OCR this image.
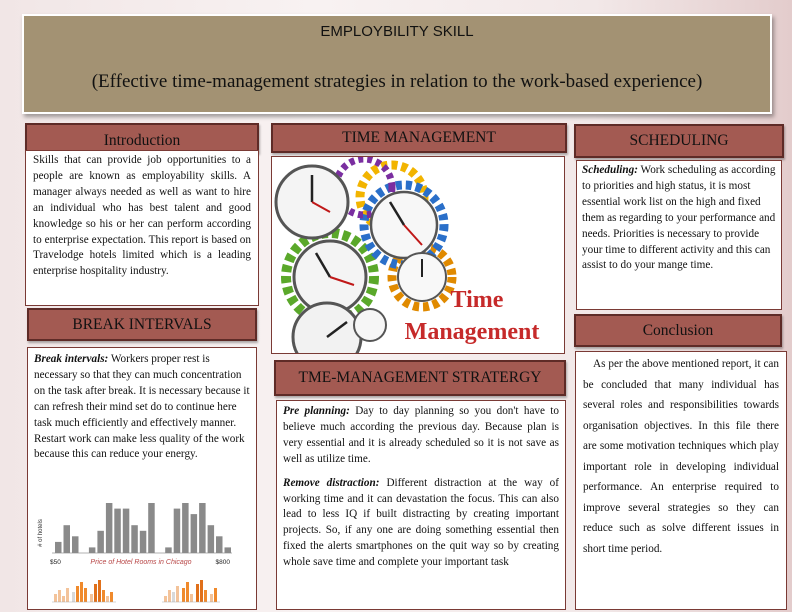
EMPLOYBILITY SKILL
(Effective time-management strategies in relation to the work-based experience)
Introduction
Skills that can provide job opportunities to a people are known as employability skills. A manager always needed as well as want to hire an individual who has best talent and good knowledge so his or her can perform according to enterprise expectation. This report is based on Travelodge hotels limited which is a leading enterprise hospitality industry.
BREAK INTERVALS
Break intervals: Workers proper rest is necessary so that they can much concentration on the task after break. It is necessary because it can refresh their mind set do to continue here task much efficiently and effectively manner. Restart work can make less quality of the work because this can reduce your energy.
# of hotels
$50	$800
Price of Hotel Rooms in Chicago
TIME MANAGEMENT
Time
Management
TME-MANAGEMENT STRATERGY

Pre planning: Day to day planning so you don't have to believe much according the previous day. Because plan is very essential and it is already scheduled so it is not save as well as utilize time.

Remove distraction: Different distraction at the way of working time and it can devastation the focus. This can also lead to less IQ if built distracting by creating important projects. So, if any one are doing something essential then fixed the alerts smartphones on the quit way so by creating whole save time and complete your important task

SCHEDULING
Scheduling: Work scheduling as according to priorities and high status, it is most essential work list on the high and fixed them as regarding to your performance and needs. Priorities is necessary to provide your time to different activity and this can assist to do your mange time.
Conclusion
As per the above mentioned report, it can be concluded that many individual has several roles and responsibilities towards organisation objectives. In this file there are some motivation techniques which play important role in developing individual performance. An enterprise required to improve several strategies so they can reduce such as solve different issues in short time period.
